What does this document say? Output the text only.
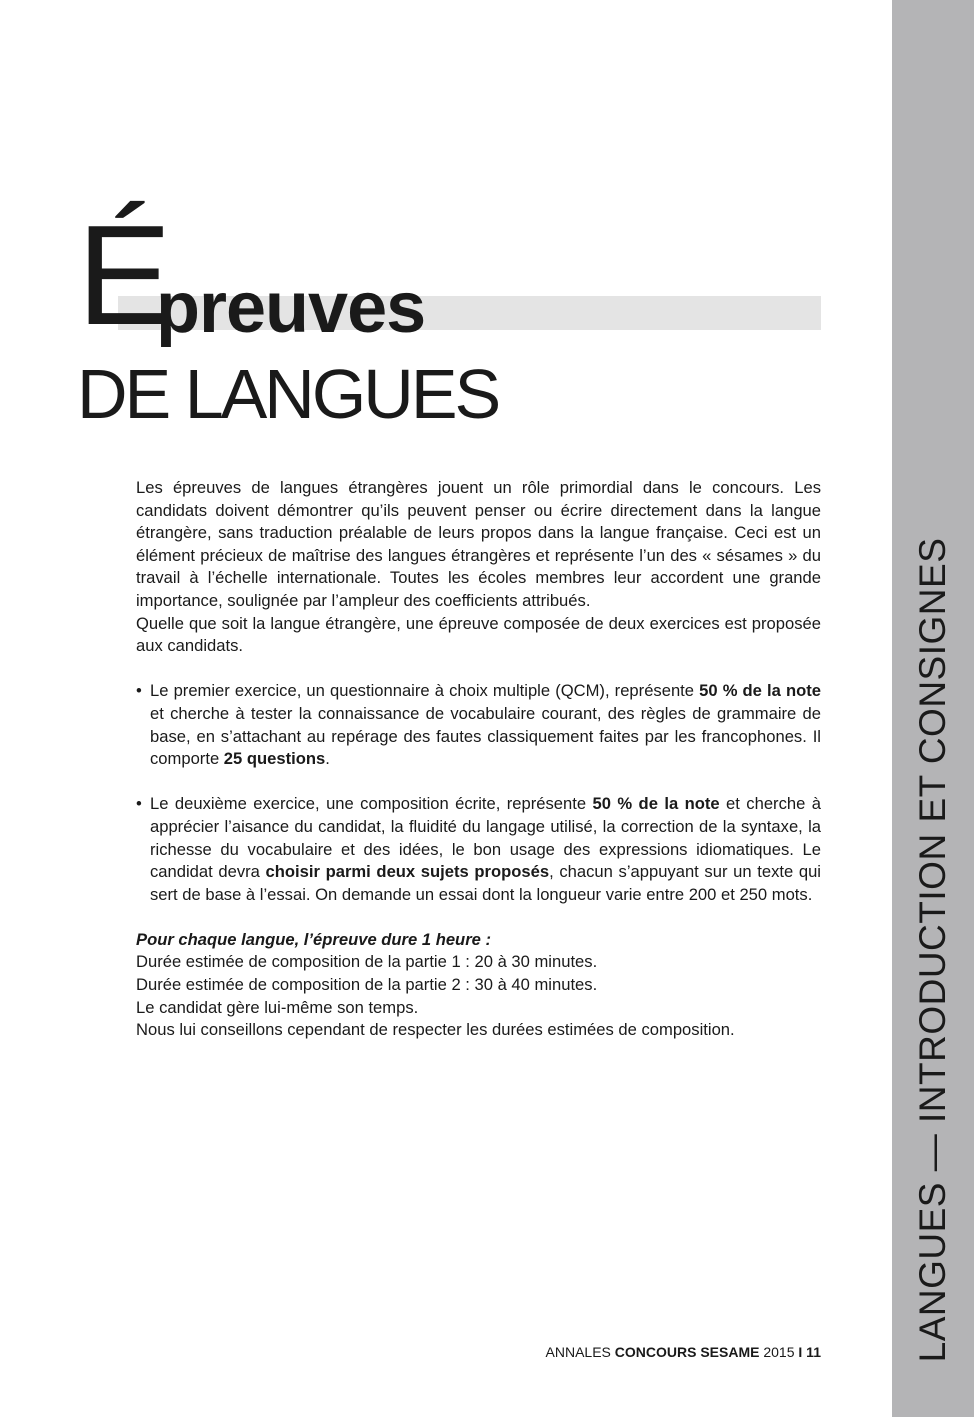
LANGUES — INTRODUCTION ET CONSIGNES
É
preuves
DE LANGUES

Les épreuves de langues étrangères jouent un rôle primordial dans le concours. Les candidats doivent démontrer qu’ils peuvent penser ou écrire directement dans la langue étrangère, sans traduction préalable de leurs propos dans la langue française. Ceci est un élément précieux de maîtrise des langues étrangères et représente l’un des « sésames » du travail à l’échelle internationale. Toutes les écoles membres leur accordent une grande importance, soulignée par l’ampleur des coefficients attribués.

Quelle que soit la langue étrangère, une épreuve composée de deux exercices est proposée aux candidats.

• Le premier exercice, un questionnaire à choix multiple (QCM), représente 50 % de la note et cherche à tester la connaissance de vocabulaire courant, des règles de grammaire de base, en s’attachant au repérage des fautes classiquement faites par les francophones. Il comporte 25 questions.

• Le deuxième exercice, une composition écrite, représente 50 % de la note et cherche à apprécier l’aisance du candidat, la fluidité du langage utilisé, la correction de la syntaxe, la richesse du vocabulaire et des idées, le bon usage des expressions idiomatiques. Le candidat devra choisir parmi deux sujets proposés, chacun s’appuyant sur un texte qui sert de base à l’essai. On demande un essai dont la longueur varie entre 200 et 250 mots.

Pour chaque langue, l’épreuve dure 1 heure :

Durée estimée de composition de la partie 1 : 20 à 30 minutes.

Durée estimée de composition de la partie 2 : 30 à 40 minutes.

Le candidat gère lui-même son temps.

Nous lui conseillons cependant de respecter les durées estimées de composition.

ANNALES CONCOURS SESAME 2015 I 11
